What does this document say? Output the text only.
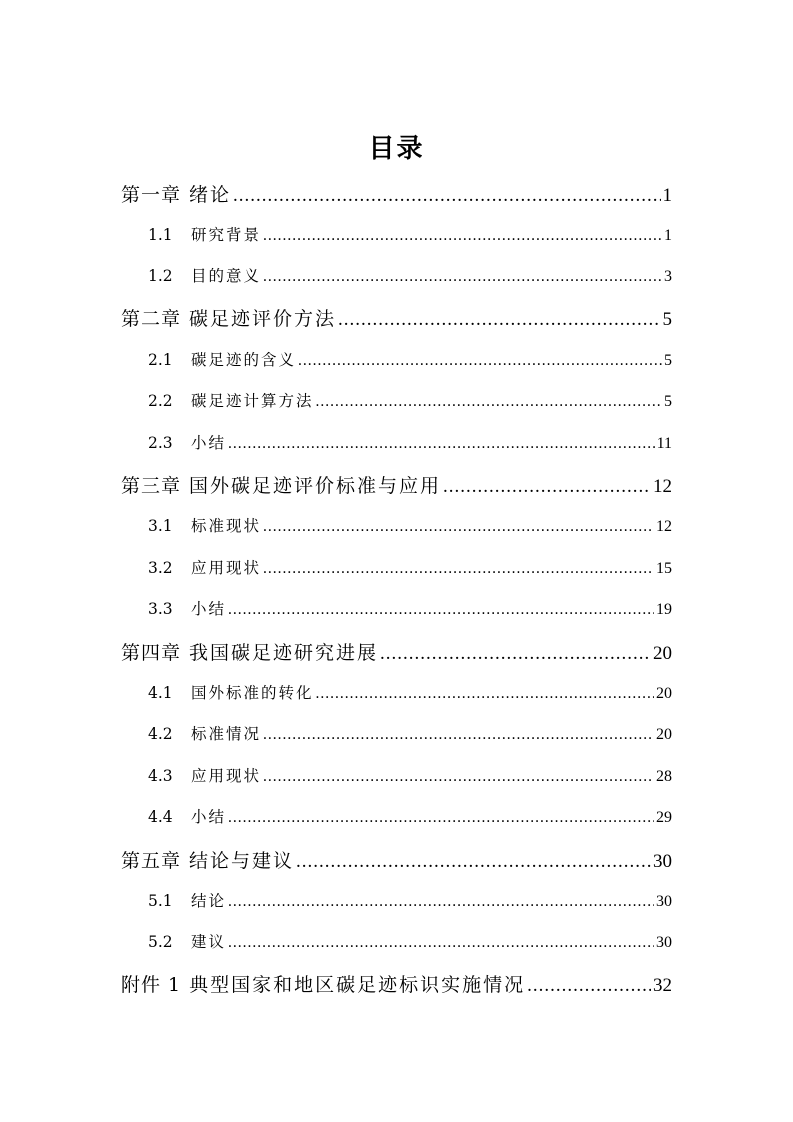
目录
第一章 绪论 .....	1
1.1	研究背景 .....	1
1.2	目的意义 .....	3
第二章 碳足迹评价方法 .....	5
2.1	碳足迹的含义 .....	5
2.2	碳足迹计算方法 .....	5
2.3	小结 .....	11
第三章 国外碳足迹评价标准与应用 .....	12
3.1	标准现状 .....	12
3.2	应用现状 .....	15
3.3	小结 .....	19
第四章 我国碳足迹研究进展 .....	20
4.1	国外标准的转化 .....	20
4.2	标准情况 .....	20
4.3	应用现状 .....	28
4.4	小结 .....	29
第五章 结论与建议 .....	30
5.1	结论 .....	30
5.2	建议 .....	30
附件 1 典型国家和地区碳足迹标识实施情况 .....	32
